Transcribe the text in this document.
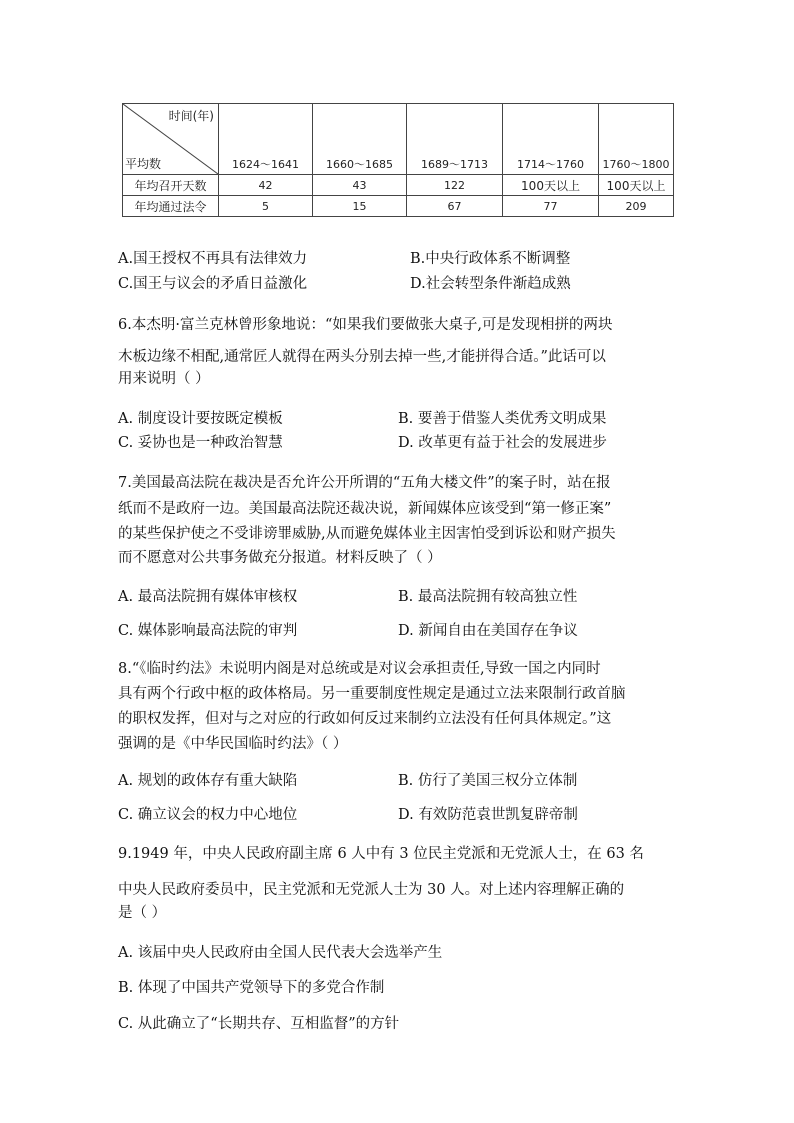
时间(年)
平均数	1624～1641	1660～1685	1689～1713	1714～1760	1760～1800
年均召开天数	42	43	122	100天以上	100天以上
年均通过法令	5	15	67	77	209
A.国王授权不再具有法律效力	B.中央行政体系不断调整
C.国王与议会的矛盾日益激化	D.社会转型条件渐趋成熟
6.本杰明·富兰克林曾形象地说：“如果我们要做张大桌子,可是发现相拼的两块
木板边缘不相配,通常匠人就得在两头分别去掉一些,才能拼得合适。”此话可以
用来说明（ ）
A. 制度设计要按既定模板	B. 要善于借鉴人类优秀文明成果
C. 妥协也是一种政治智慧	D. 改革更有益于社会的发展进步
7.美国最高法院在裁决是否允许公开所谓的“五角大楼文件”的案子时，站在报
纸而不是政府一边。美国最高法院还裁决说，新闻媒体应该受到“第一修正案”
的某些保护使之不受诽谤罪威胁,从而避免媒体业主因害怕受到诉讼和财产损失
而不愿意对公共事务做充分报道。材料反映了（ ）
A. 最高法院拥有媒体审核权	B. 最高法院拥有较高独立性
C. 媒体影响最高法院的审判	D. 新闻自由在美国存在争议
8.“《临时约法》未说明内阁是对总统或是对议会承担责任,导致一国之内同时
具有两个行政中枢的政体格局。另一重要制度性规定是通过立法来限制行政首脑
的职权发挥，但对与之对应的行政如何反过来制约立法没有任何具体规定。”这
强调的是《中华民国临时约法》（ ）
A. 规划的政体存有重大缺陷	B. 仿行了美国三权分立体制
C. 确立议会的权力中心地位	D. 有效防范袁世凯复辟帝制
9.1949 年，中央人民政府副主席 6 人中有 3 位民主党派和无党派人士，在 63 名
中央人民政府委员中，民主党派和无党派人士为 30 人。对上述内容理解正确的
是（ ）
A. 该届中央人民政府由全国人民代表大会选举产生
B. 体现了中国共产党领导下的多党合作制
C. 从此确立了“长期共存、互相监督”的方针
